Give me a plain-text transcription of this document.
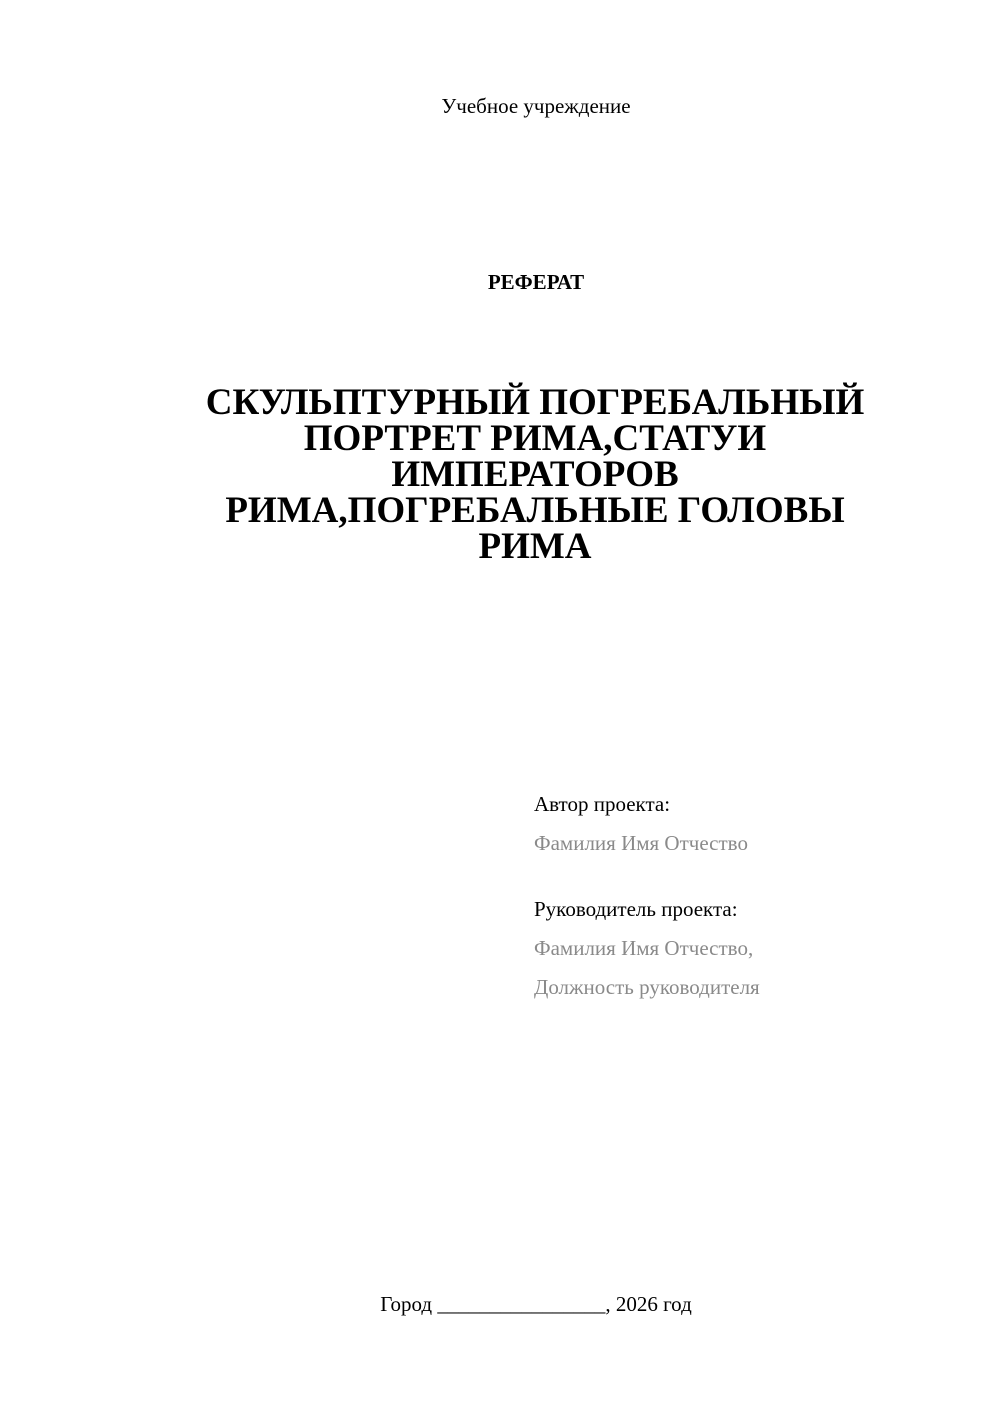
Учебное учреждение
РЕФЕРАТ
СКУЛЬПТУРНЫЙ ПОГРЕБАЛЬНЫЙ
ПОРТРЕТ РИМА,СТАТУИ
ИМПЕРАТОРОВ
РИМА,ПОГРЕБАЛЬНЫЕ ГОЛОВЫ
РИМА
Автор проекта:
Фамилия Имя Отчество
Руководитель проекта:
Фамилия Имя Отчество,
Должность руководителя
Город ________________, 2026 год
